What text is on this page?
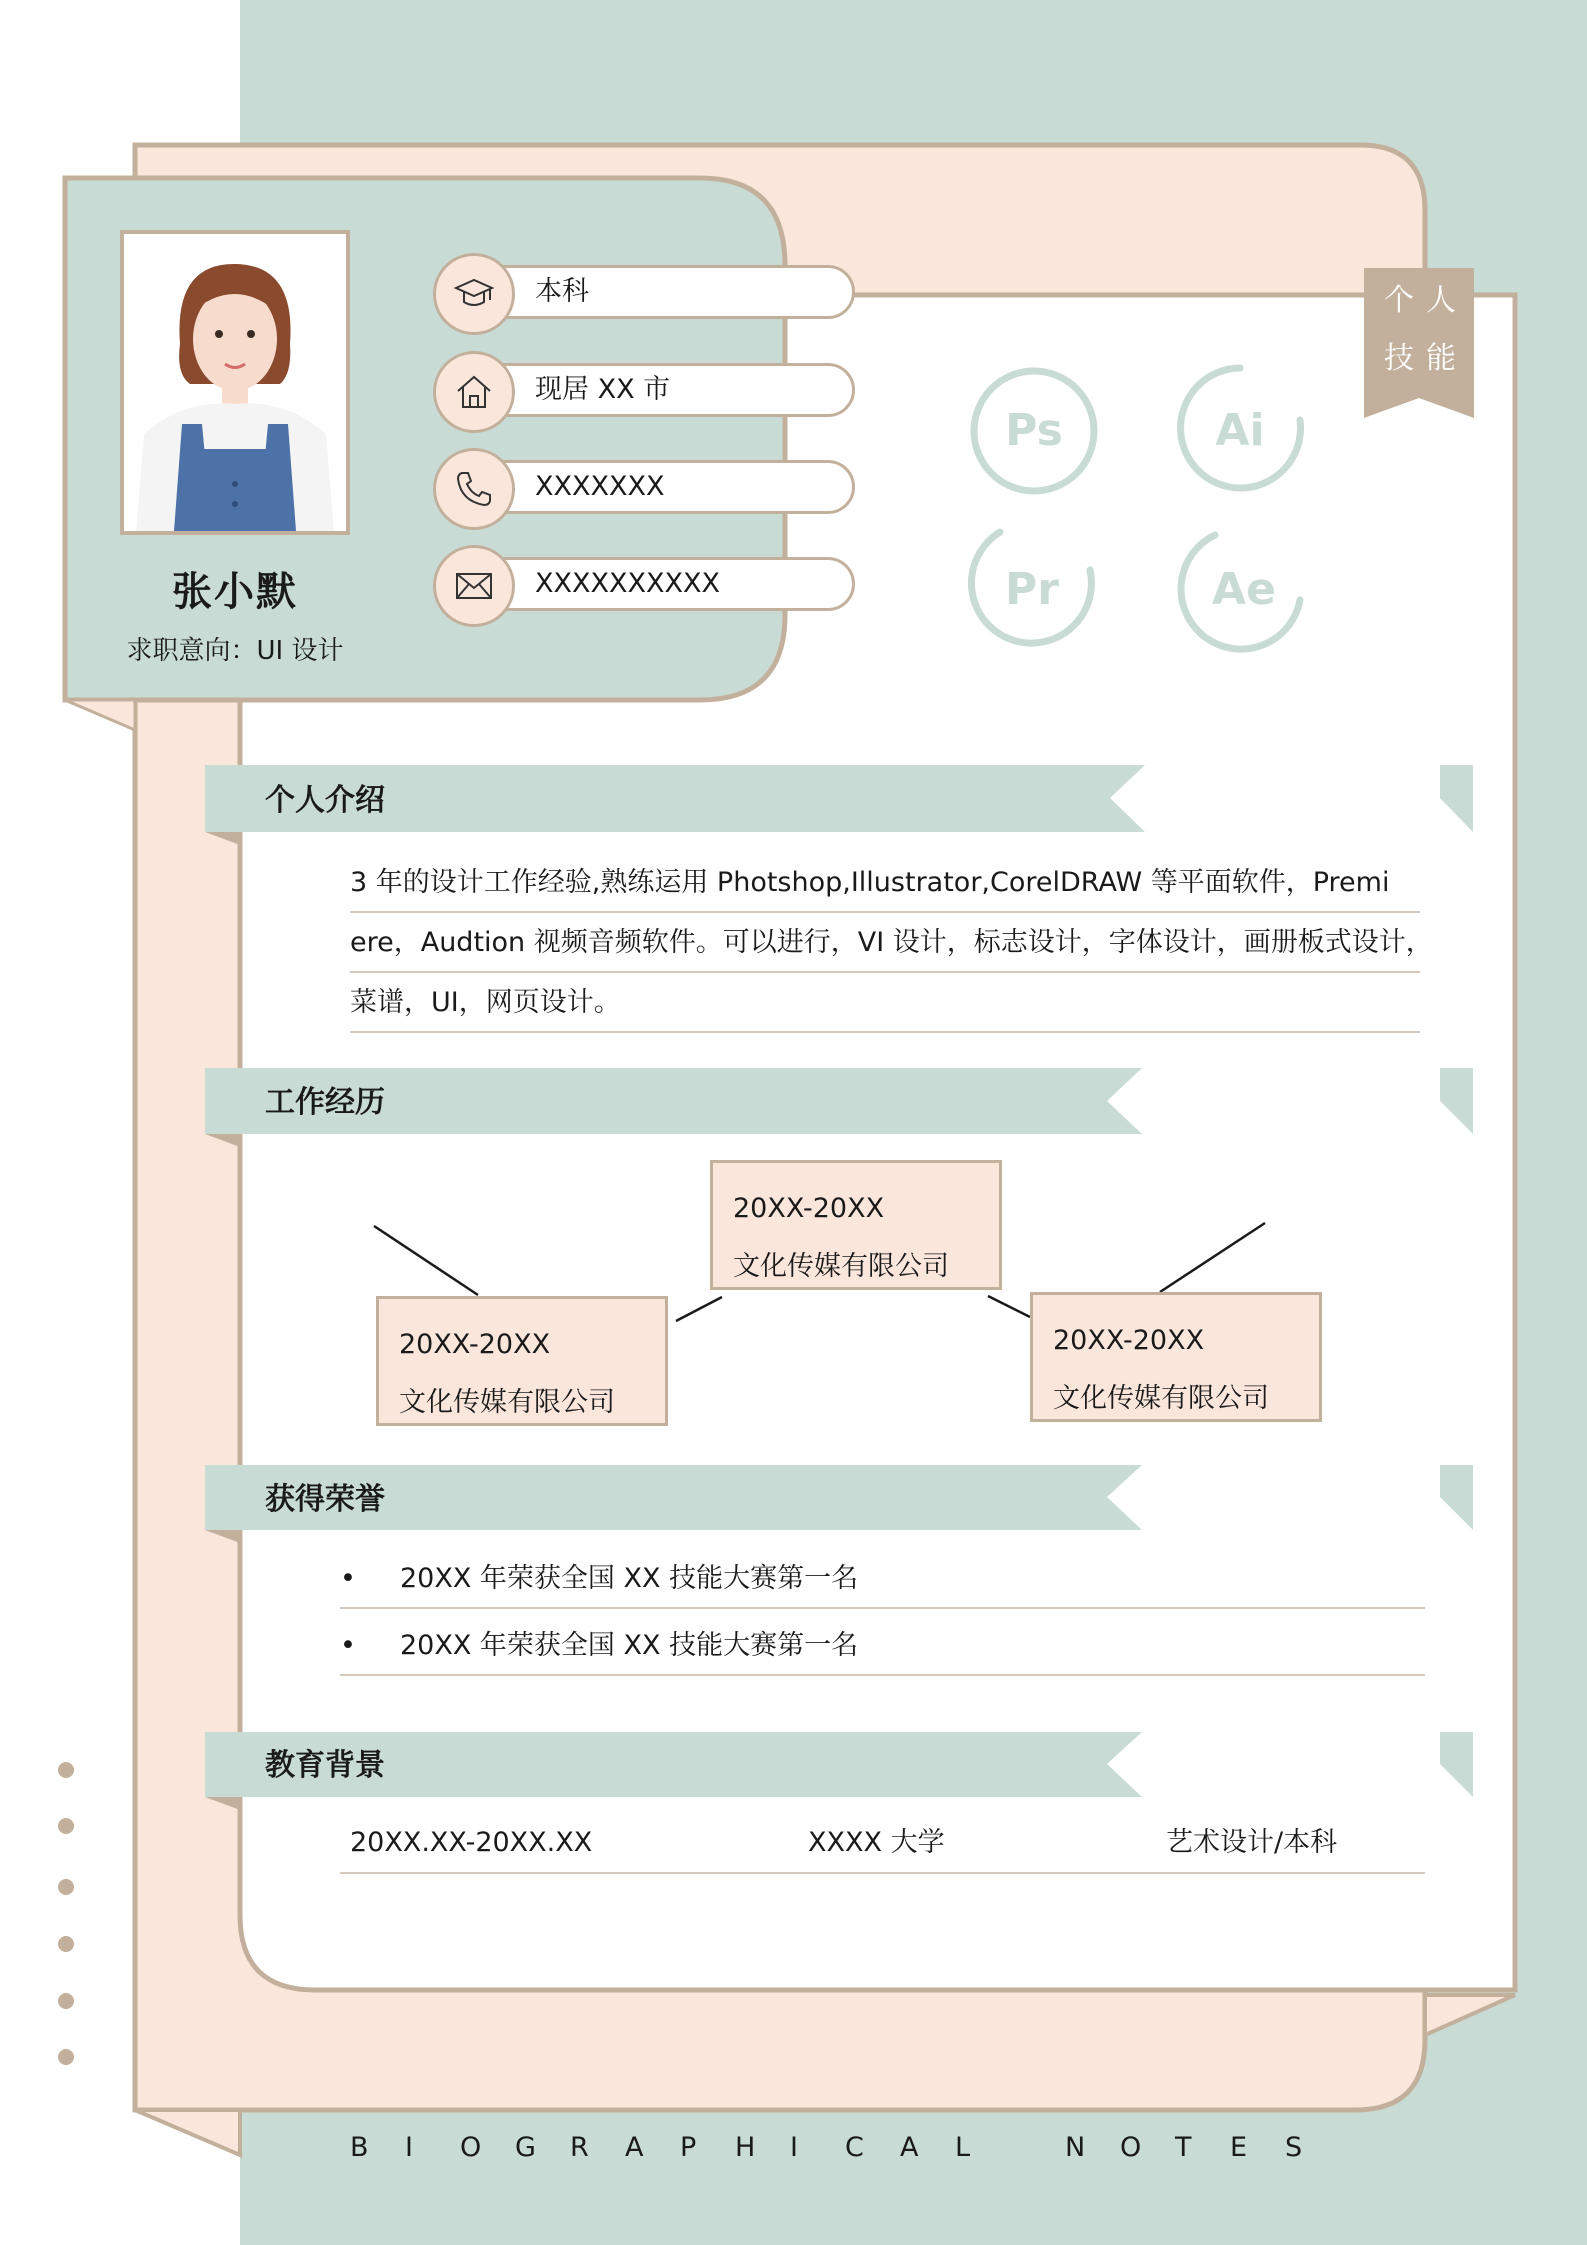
张小默
求职意向：UI 设计
本科
现居 XX 市
XXXXXXX
XXXXXXXXXX
个人
技能
Ps	Ai
Pr	Ae
个人介绍
3 年的设计工作经验,熟练运用 Photshop,Illustrator,CorelDRAW 等平面软件，Premi
ere，Audtion 视频音频软件。可以进行，VI 设计，标志设计，字体设计，画册板式设计，
菜谱，UI，网页设计。
工作经历
20XX-20XX
文化传媒有限公司
20XX-20XX
文化传媒有限公司
20XX-20XX
文化传媒有限公司
获得荣誉
• 20XX 年荣获全国 XX 技能大赛第一名
• 20XX 年荣获全国 XX 技能大赛第一名
教育背景
20XX.XX-20XX.XX	XXXX 大学	艺术设计/本科
B I O G R A P H I C A L	N O T E S
